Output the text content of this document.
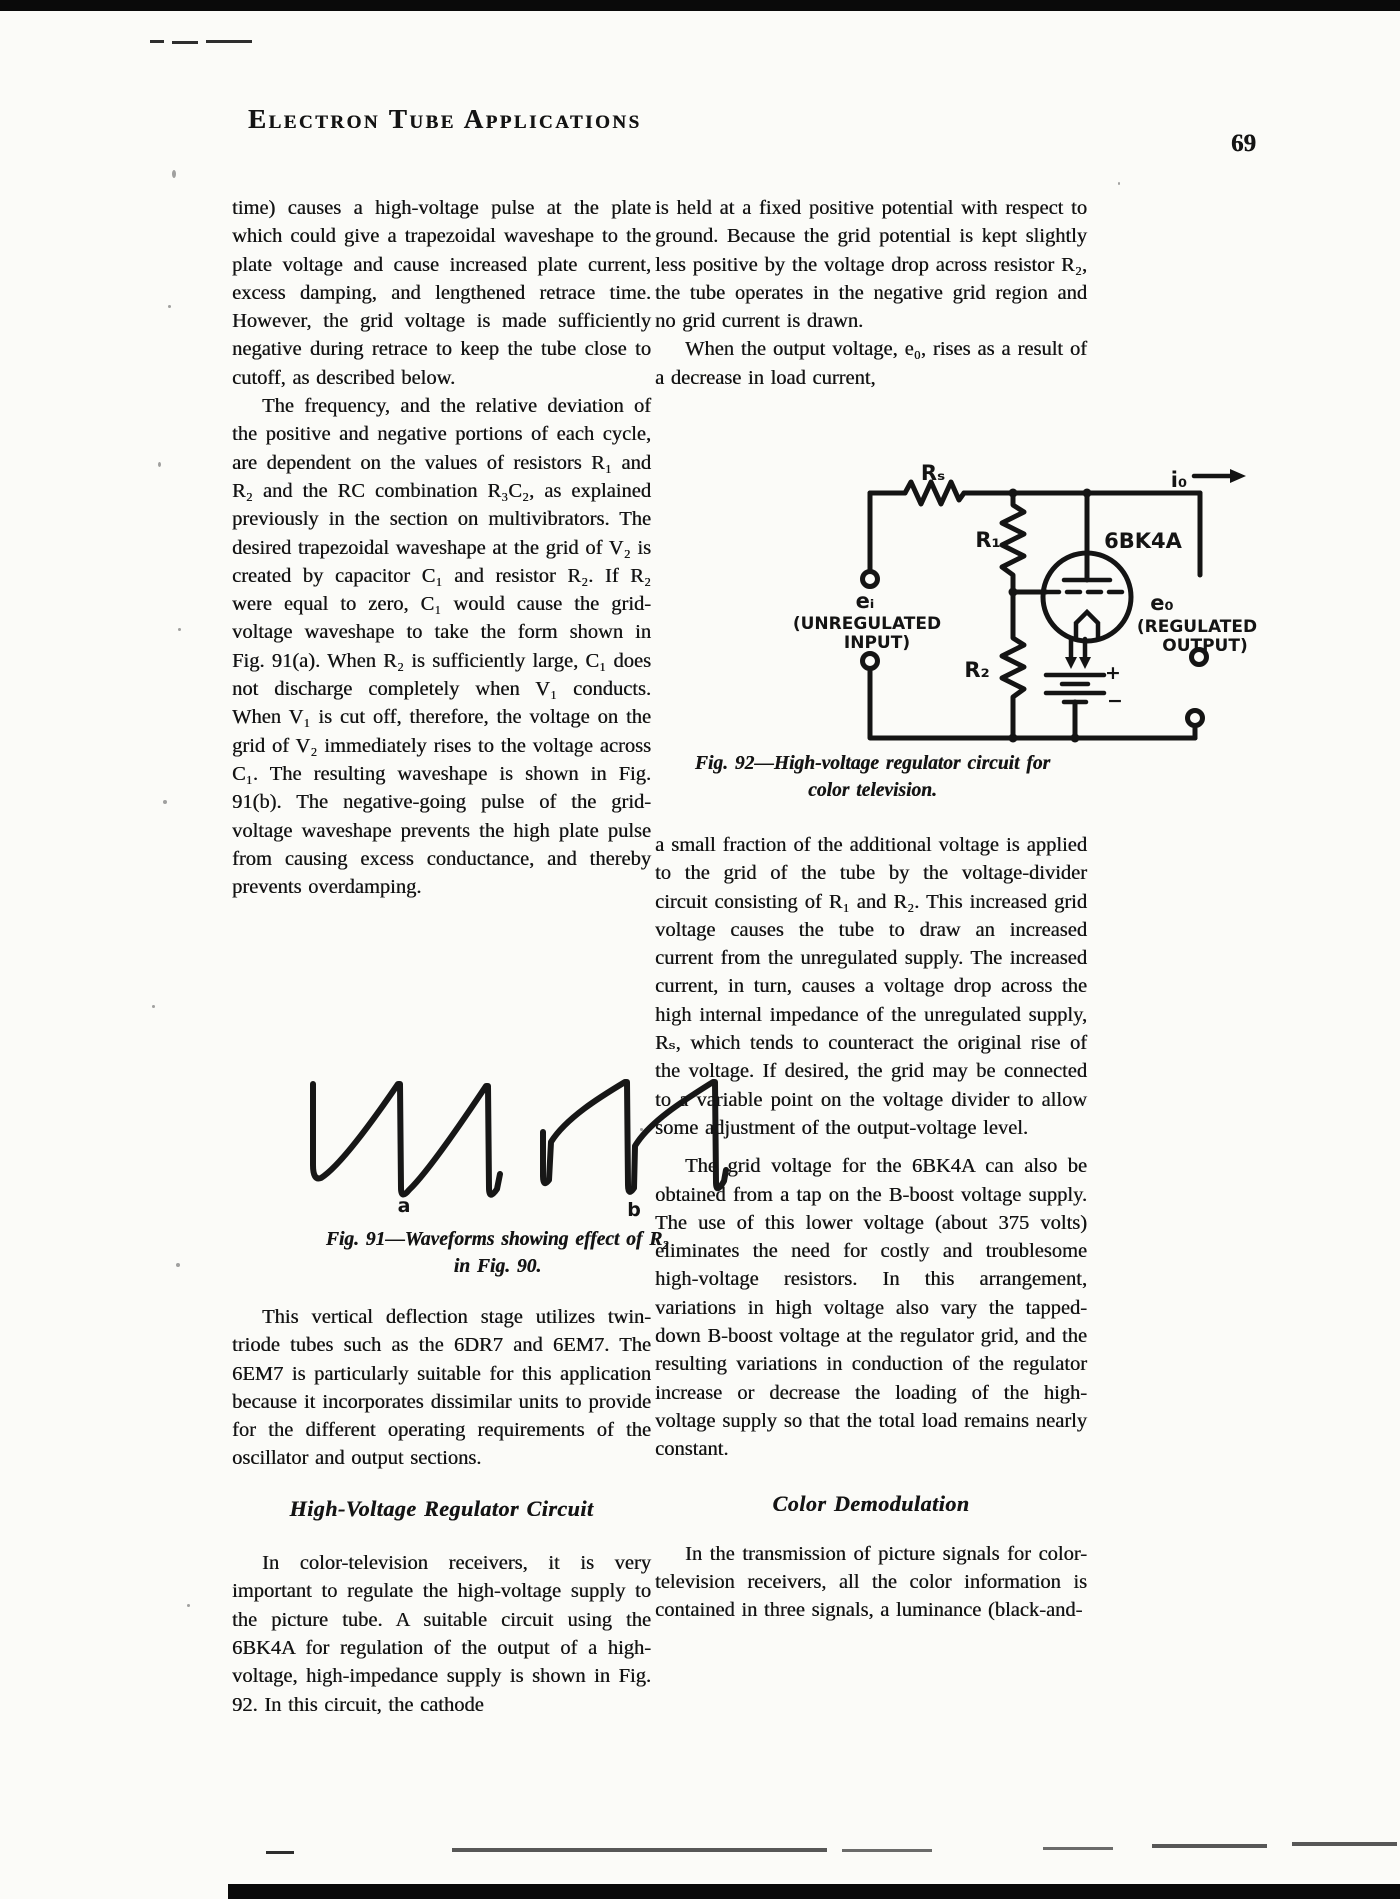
Electron Tube Applications
69

time) causes a high-voltage pulse at the plate which could give a trapezoidal waveshape to the plate voltage and cause increased plate current, excess damping, and lengthened retrace time. However, the grid voltage is made sufficiently negative during retrace to keep the tube close to cutoff, as described below.

The frequency, and the relative deviation of the positive and negative portions of each cycle, are dependent on the values of resistors R₁ and R₂ and the RC combination R₃C₂, as explained previously in the section on multivibrators. The desired trapezoidal waveshape at the grid of V₂ is created by capacitor C₁ and resistor R₂. If R₂ were equal to zero, C₁ would cause the grid-voltage waveshape to take the form shown in Fig. 91(a). When R₂ is sufficiently large, C₁ does not discharge completely when V₁ conducts. When V₁ is cut off, therefore, the voltage on the grid of V₂ immediately rises to the voltage across C₁. The resulting waveshape is shown in Fig. 91(b). The negative-going pulse of the grid-voltage waveshape prevents the high plate pulse from causing excess conductance, and thereby prevents overdamping.

a	b
Fig. 91—Waveforms showing effect of R₂
in Fig. 90.

This vertical deflection stage utilizes twin-triode tubes such as the 6DR7 and 6EM7. The 6EM7 is particularly suitable for this application because it incorporates dissimilar units to provide for the different operating requirements of the oscillator and output sections.

High-Voltage Regulator Circuit

In color-television receivers, it is very important to regulate the high-voltage supply to the picture tube. A suitable circuit using the 6BK4A for regulation of the output of a high-voltage, high-impedance supply is shown in Fig. 92. In this circuit, the cathode

is held at a fixed positive potential with respect to ground. Because the grid potential is kept slightly less positive by the voltage drop across resistor R₂, the tube operates in the negative grid region and no grid current is drawn.

When the output voltage, e₀, rises as a result of a decrease in load current,

Rₛ
R₁
R₂
6BK4A
i₀
eᵢ
(UNREGULATED
INPUT)
e₀
(REGULATED
OUTPUT)
+
−
Fig. 92—High-voltage regulator circuit for
color television.

a small fraction of the additional voltage is applied to the grid of the tube by the voltage-divider circuit consisting of R₁ and R₂. This increased grid voltage causes the tube to draw an increased current from the unregulated supply. The increased current, in turn, causes a voltage drop across the high internal impedance of the unregulated supply, Rₛ, which tends to counteract the original rise of the voltage. If desired, the grid may be connected to a variable point on the voltage divider to allow some adjustment of the output-voltage level.

The grid voltage for the 6BK4A can also be obtained from a tap on the B-boost voltage supply. The use of this lower voltage (about 375 volts) eliminates the need for costly and troublesome high-voltage resistors. In this arrangement, variations in high voltage also vary the tapped-down B-boost voltage at the regulator grid, and the resulting variations in conduction of the regulator increase or decrease the loading of the high-voltage supply so that the total load remains nearly constant.

Color Demodulation

In the transmission of picture signals for color-television receivers, all the color information is contained in three signals, a luminance (black-and-
